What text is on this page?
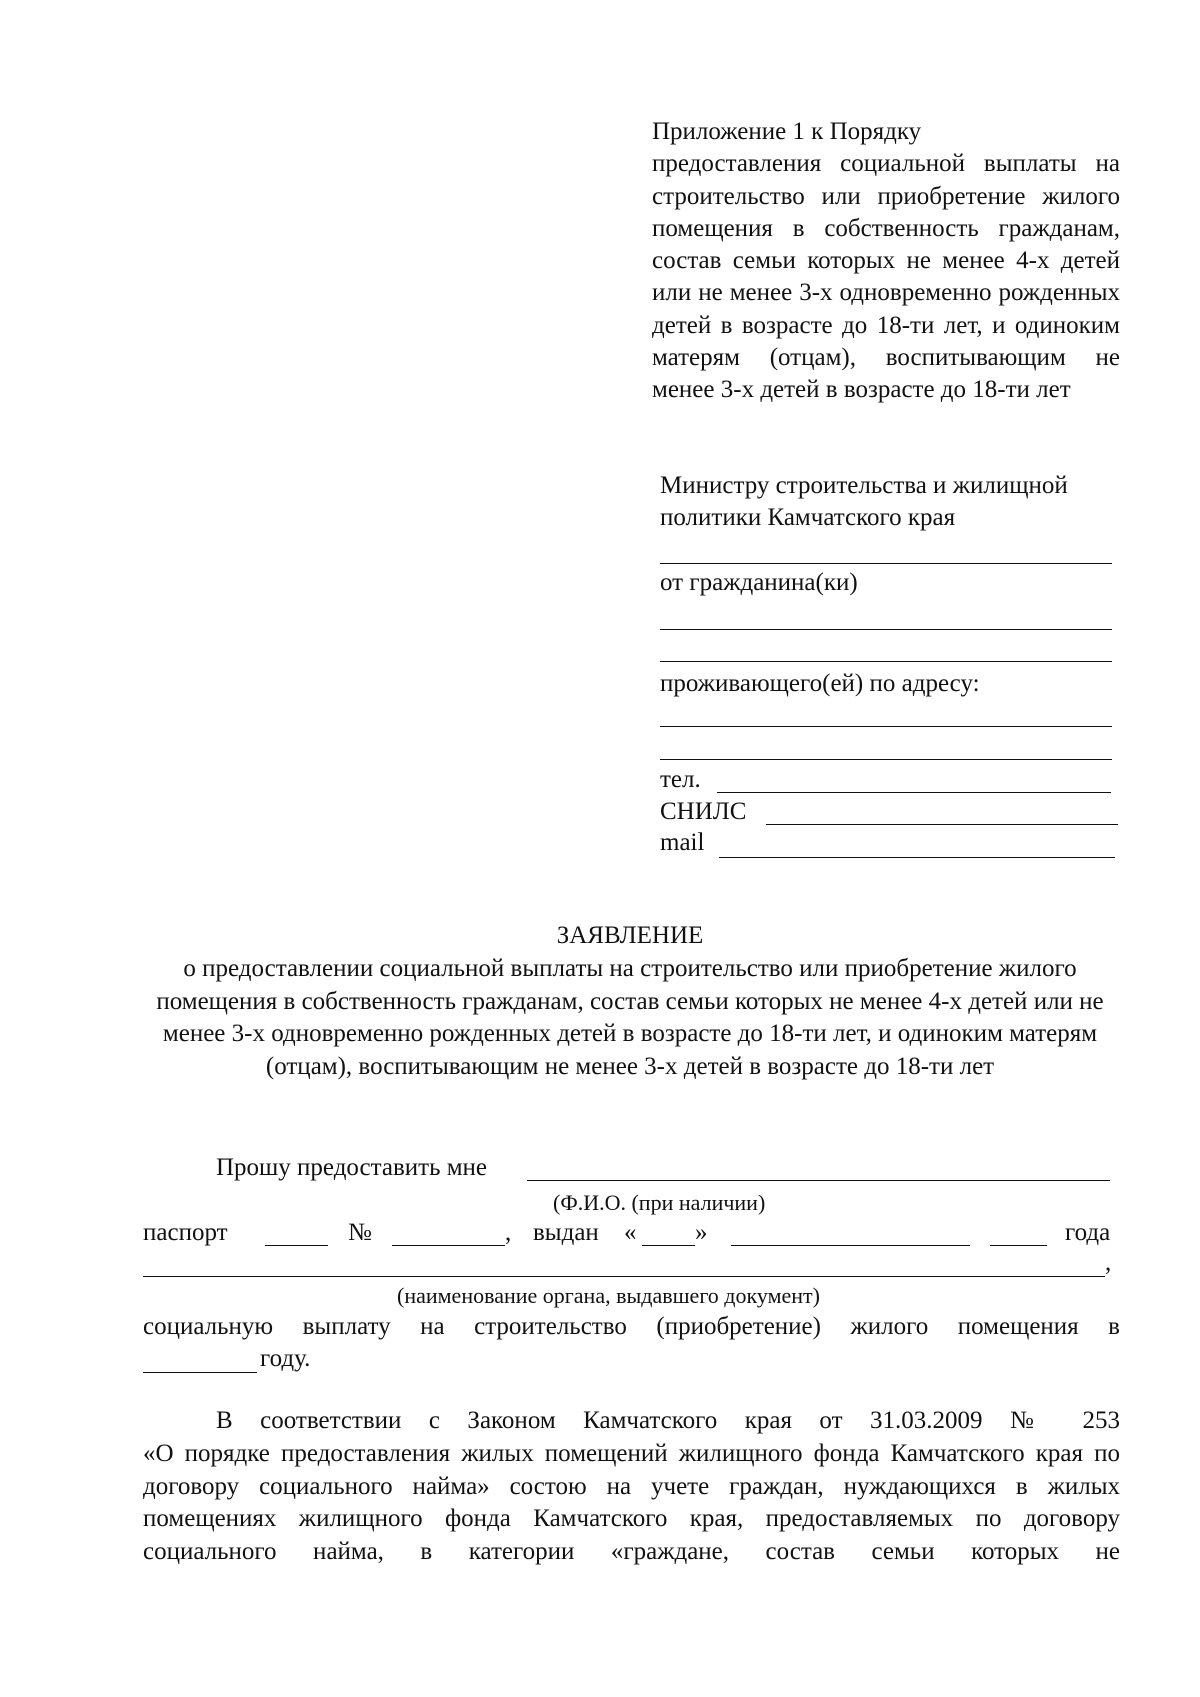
Приложение 1 к Порядку
предоставления социальной выплаты на строительство или приобретение жилого помещения в собственность гражданам, состав семьи которых не менее 4-х детей или не менее 3-х одновременно рожденных детей в возрасте до 18-ти лет, и одиноким матерям (отцам), воспитывающим не
менее 3-х детей в возрасте до 18-ти лет
Министру строительства и жилищной
политики Камчатского края
от гражданина(ки)
проживающего(ей) по адресу:
тел.
СНИЛС
mail
ЗАЯВЛЕНИЕ
о предоставлении социальной выплаты на строительство или приобретение жилого помещения в собственность гражданам, состав семьи которых не менее 4-х детей или не менее 3-х одновременно рожденных детей в возрасте до 18-ти лет, и одиноким матерям (отцам), воспитывающим не менее 3-х детей в возрасте до 18-ти лет
Прошу предоставить мне
(Ф.И.О. (при наличии)
паспорт	№	, выдан « »	года
,
(наименование органа, выдавшего документ)
социальную выплату на строительство (приобретение) жилого помещения в
году.
В соответствии с Законом Камчатского края от 31.03.2009 № 253
«О порядке предоставления жилых помещений жилищного фонда Камчатского края по договору социального найма» состою на учете граждан, нуждающихся в жилых помещениях жилищного фонда Камчатского края, предоставляемых по договору социального найма, в категории «граждане, состав семьи которых не
